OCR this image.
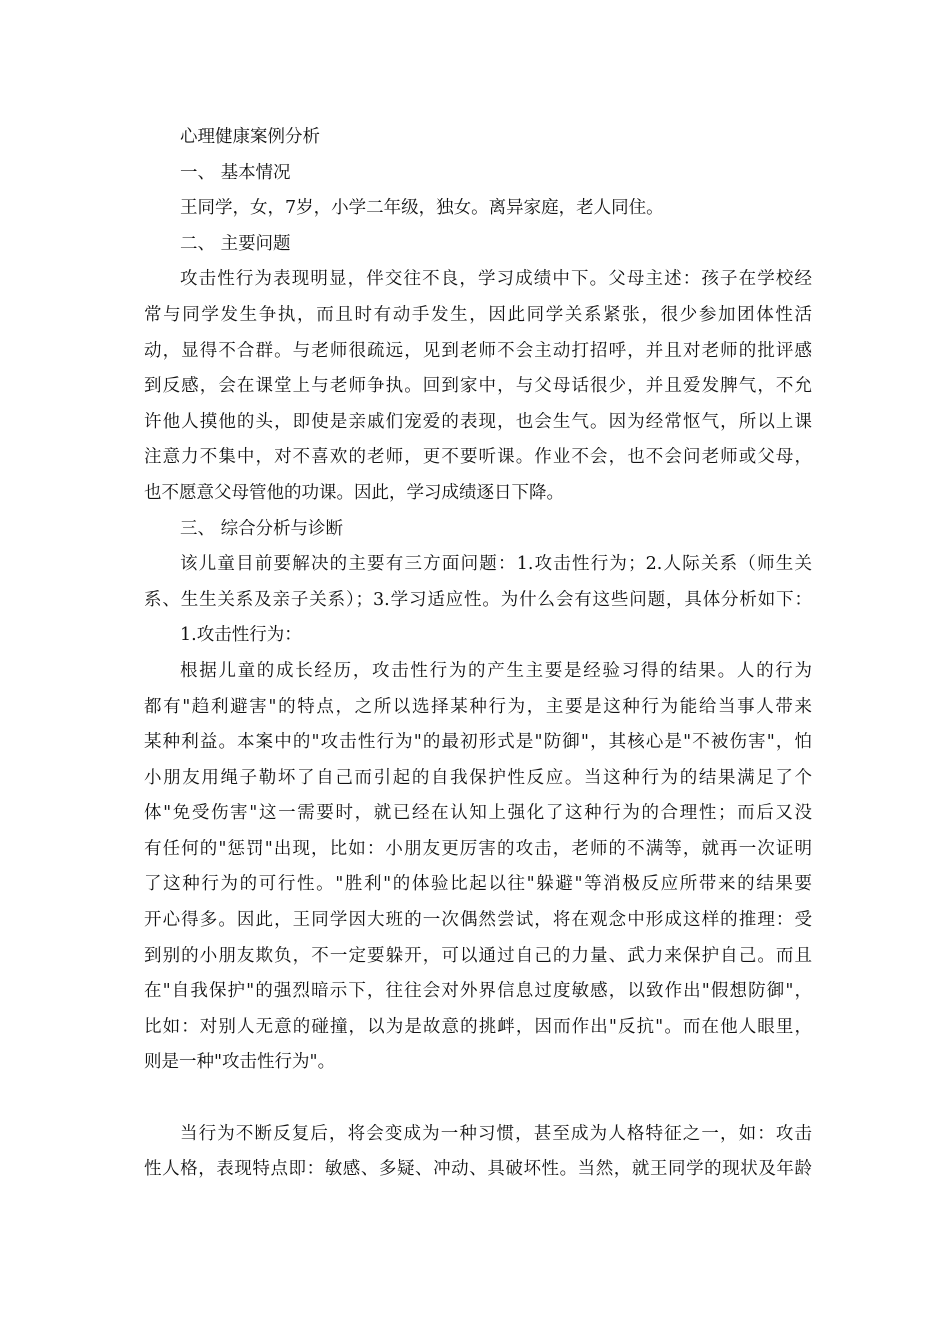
心理健康案例分析

一、 基本情况

王同学，女，7岁，小学二年级，独女。离异家庭，老人同住。

二、 主要问题

攻击性行为表现明显，伴交往不良，学习成绩中下。父母主述：孩子在学校经

常与同学发生争执，而且时有动手发生，因此同学关系紧张，很少参加团体性活

动，显得不合群。与老师很疏远，见到老师不会主动打招呼，并且对老师的批评感

到反感，会在课堂上与老师争执。回到家中，与父母话很少，并且爱发脾气，不允

许他人摸他的头，即使是亲戚们宠爱的表现，也会生气。因为经常怄气，所以上课

注意力不集中，对不喜欢的老师，更不要听课。作业不会，也不会问老师或父母，

也不愿意父母管他的功课。因此，学习成绩逐日下降。

三、 综合分析与诊断

该儿童目前要解决的主要有三方面问题：1.攻击性行为；2.人际关系（师生关

系、生生关系及亲子关系）；3.学习适应性。为什么会有这些问题，具体分析如下：

1.攻击性行为：

根据儿童的成长经历，攻击性行为的产生主要是经验习得的结果。人的行为

都有"趋利避害"的特点，之所以选择某种行为，主要是这种行为能给当事人带来

某种利益。本案中的"攻击性行为"的最初形式是"防御"，其核心是"不被伤害"，怕

小朋友用绳子勒坏了自己而引起的自我保护性反应。当这种行为的结果满足了个

体"免受伤害"这一需要时，就已经在认知上强化了这种行为的合理性；而后又没

有任何的"惩罚"出现，比如：小朋友更厉害的攻击，老师的不满等，就再一次证明

了这种行为的可行性。"胜利"的体验比起以往"躲避"等消极反应所带来的结果要

开心得多。因此，王同学因大班的一次偶然尝试，将在观念中形成这样的推理：受

到别的小朋友欺负，不一定要躲开，可以通过自己的力量、武力来保护自己。而且

在"自我保护"的强烈暗示下，往往会对外界信息过度敏感，以致作出"假想防御"，

比如：对别人无意的碰撞，以为是故意的挑衅，因而作出"反抗"。而在他人眼里，

则是一种"攻击性行为"。

当行为不断反复后，将会变成为一种习惯，甚至成为人格特征之一，如：攻击

性人格，表现特点即：敏感、多疑、冲动、具破坏性。当然，就王同学的现状及年龄
